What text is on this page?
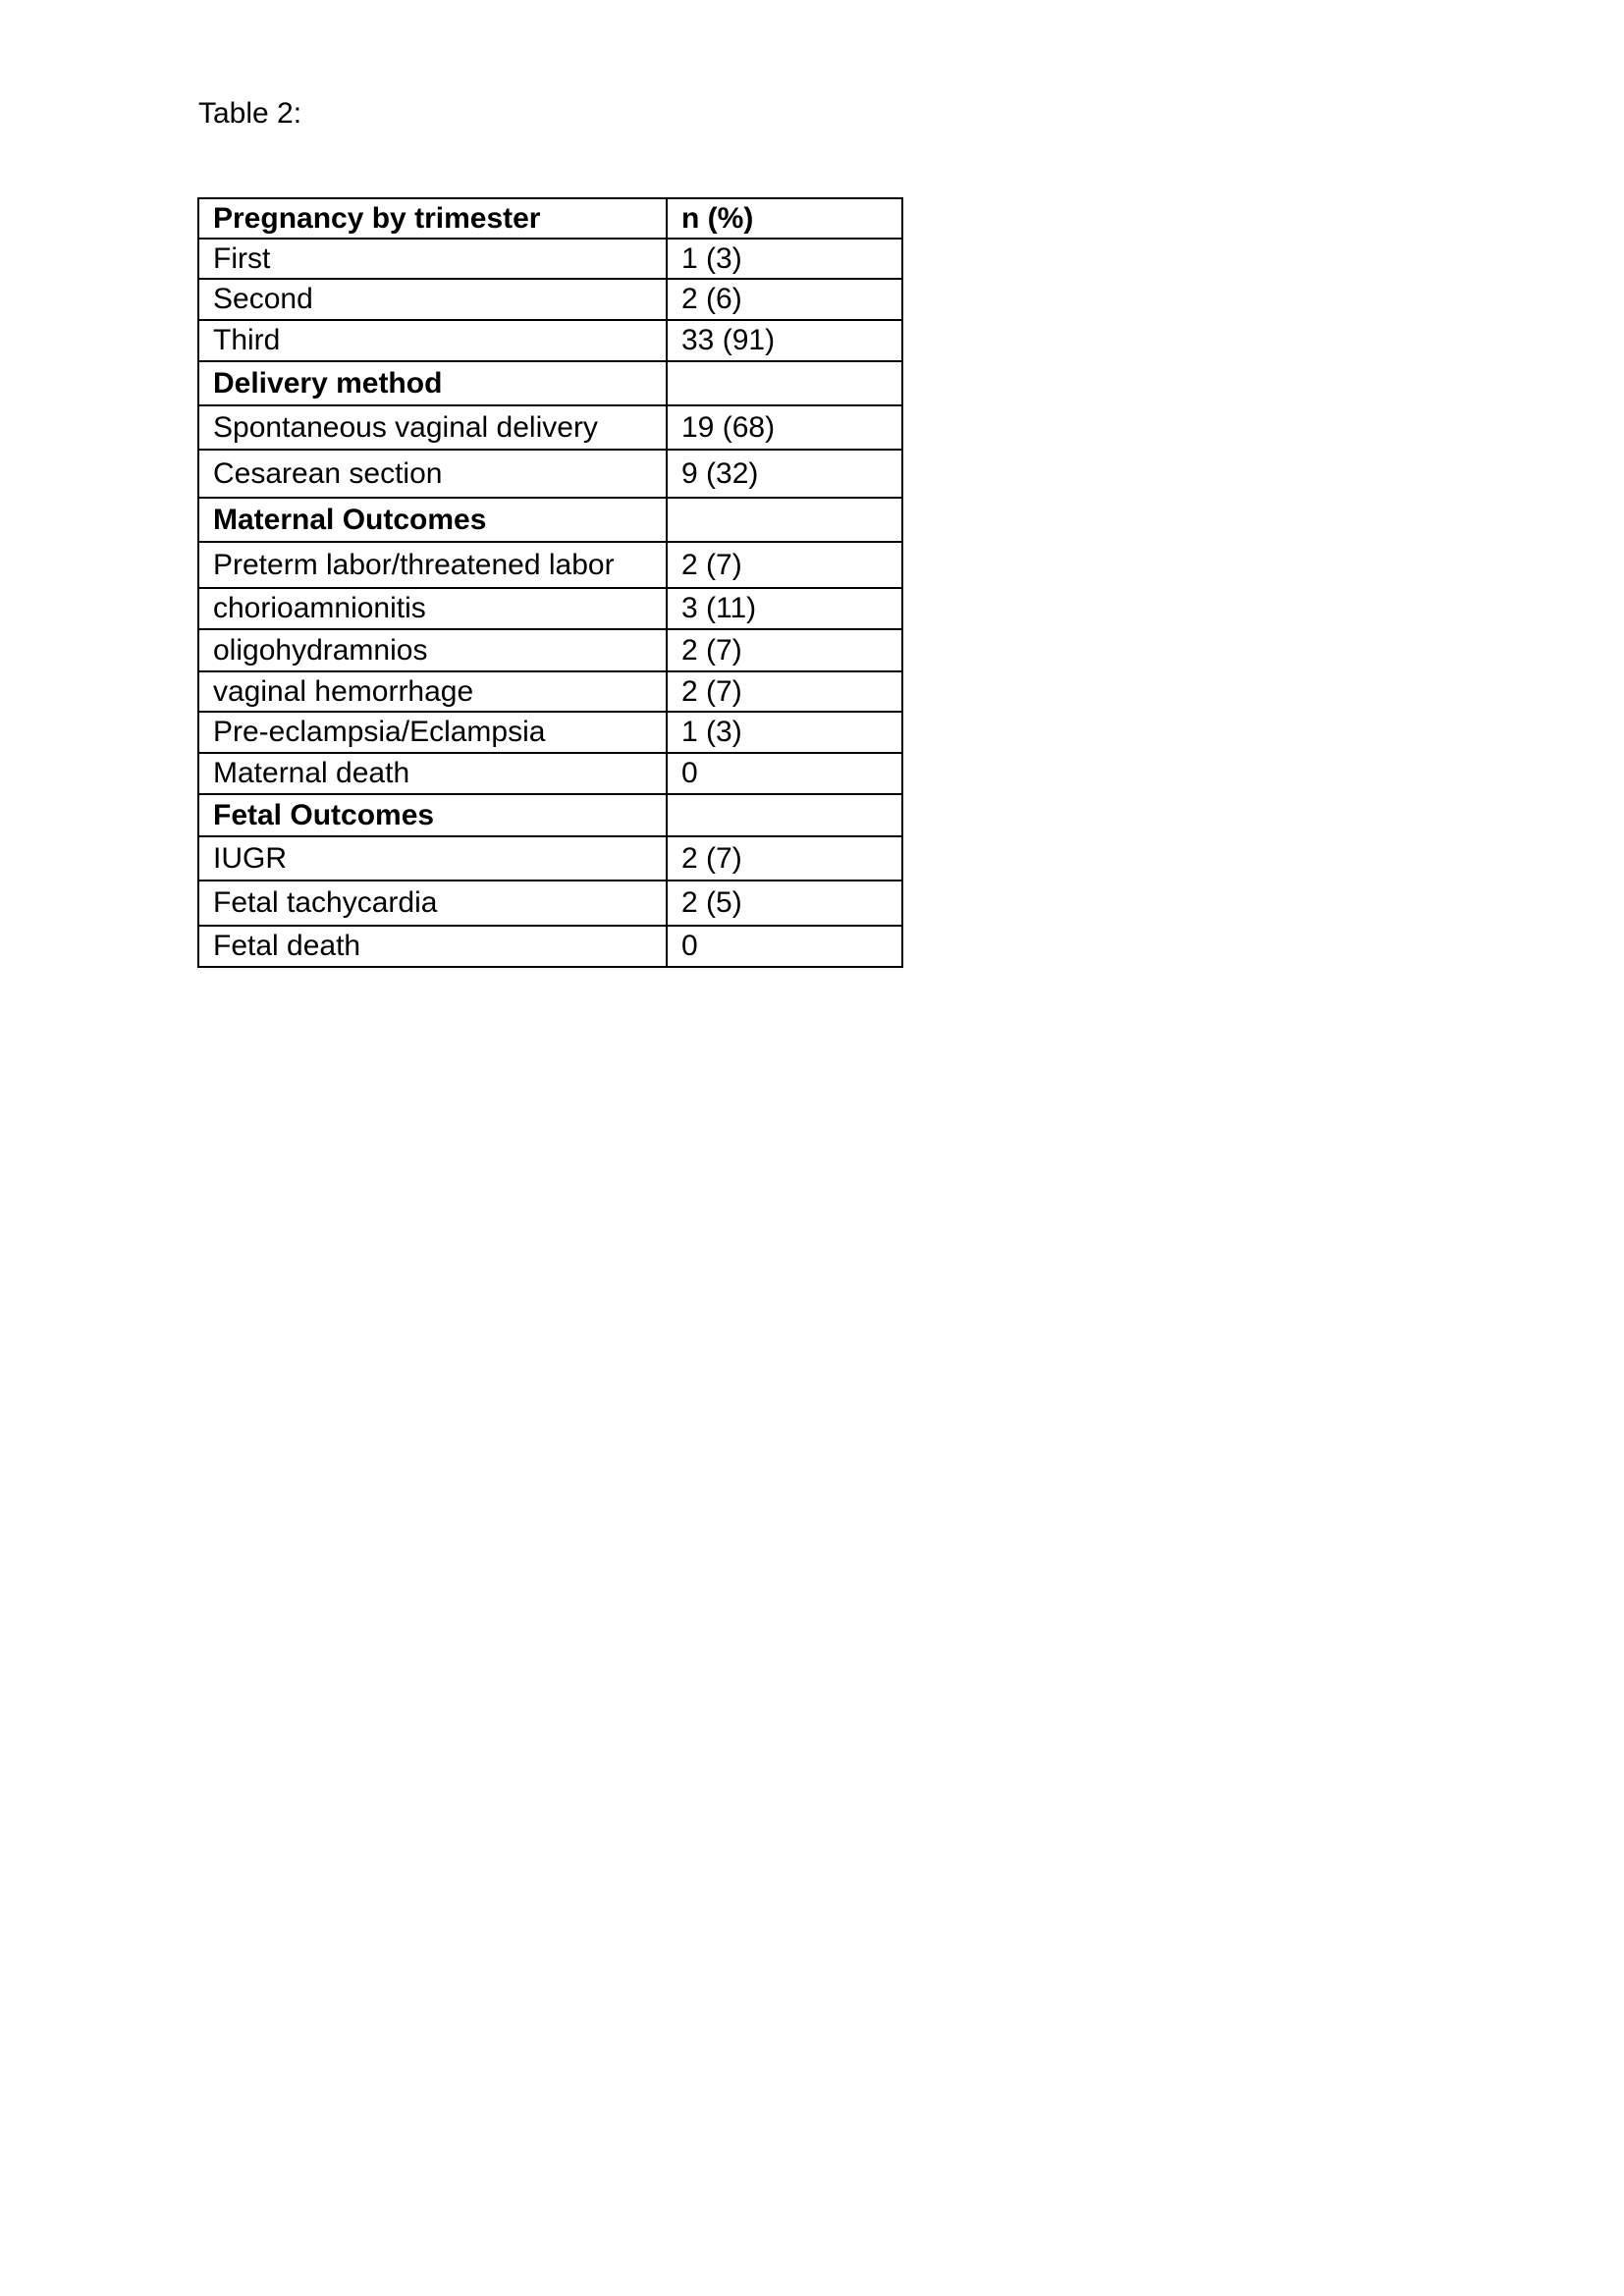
Table 2:
Pregnancy by trimester	n (%)
First	1 (3)
Second	2 (6)
Third	33 (91)
Delivery method	
Spontaneous vaginal delivery	19 (68)
Cesarean section	9 (32)
Maternal Outcomes	
Preterm labor/threatened labor	2 (7)
chorioamnionitis	3 (11)
oligohydramnios	2 (7)
vaginal hemorrhage	2 (7)
Pre-eclampsia/Eclampsia	1 (3)
Maternal death	0
Fetal Outcomes	
IUGR	2 (7)
Fetal tachycardia	2 (5)
Fetal death	0
